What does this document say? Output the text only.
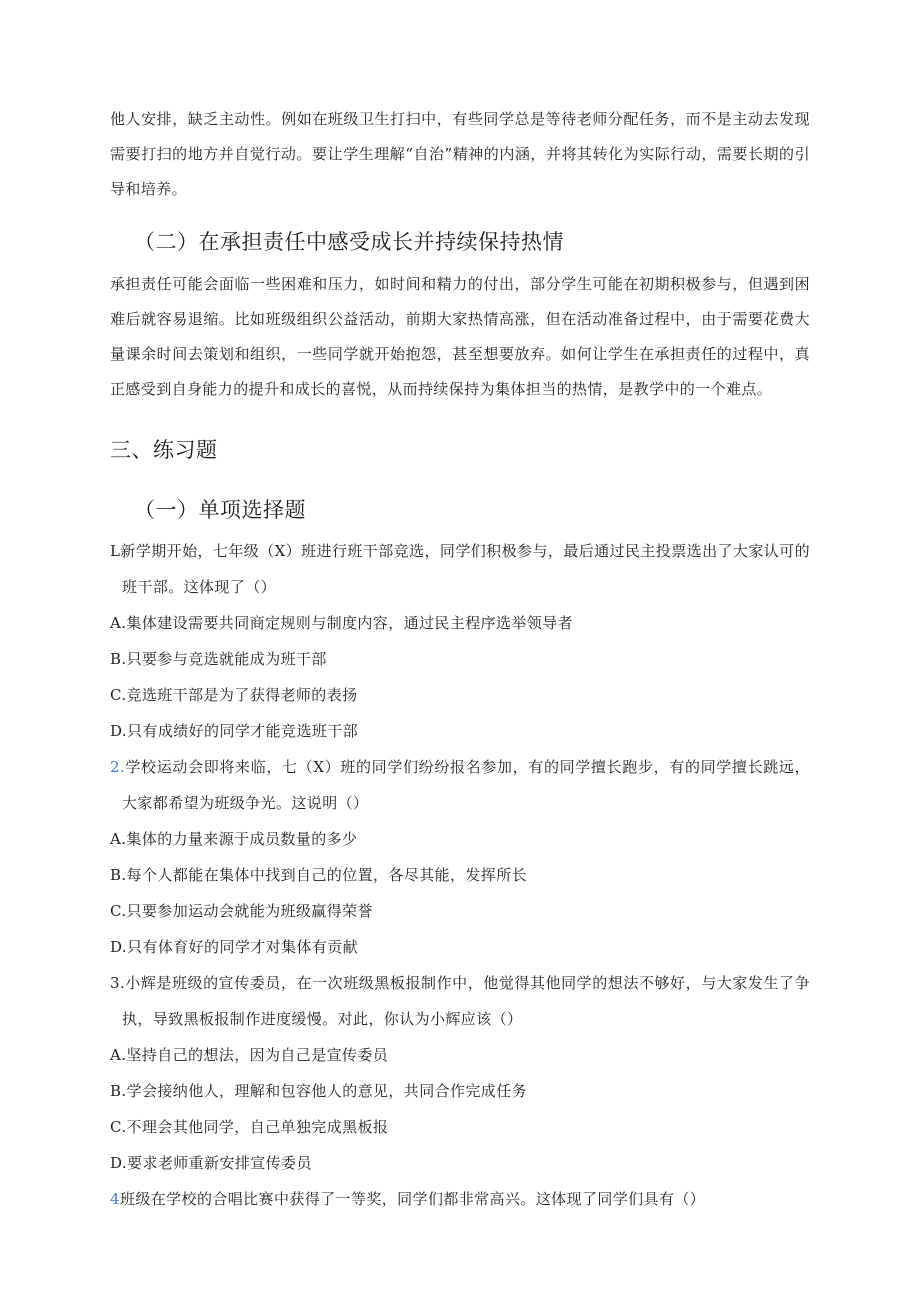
他人安排，缺乏主动性。例如在班级卫生打扫中，有些同学总是等待老师分配任务，而不是主动去发现需要打扫的地方并自觉行动。要让学生理解“自治”精神的内涵，并将其转化为实际行动，需要长期的引导和培养。

（二）在承担责任中感受成长并持续保持热情

承担责任可能会面临一些困难和压力，如时间和精力的付出，部分学生可能在初期积极参与，但遇到困难后就容易退缩。比如班级组织公益活动，前期大家热情高涨，但在活动准备过程中，由于需要花费大量课余时间去策划和组织，一些同学就开始抱怨，甚至想要放弃。如何让学生在承担责任的过程中，真正感受到自身能力的提升和成长的喜悦，从而持续保持为集体担当的热情，是教学中的一个难点。

三、练习题
（一）单项选择题

L新学期开始，七年级（X）班进行班干部竞选，同学们积极参与，最后通过民主投票选出了大家认可的班干部。这体现了（）

A.集体建设需要共同商定规则与制度内容，通过民主程序选举领导者

B.只要参与竞选就能成为班干部

C.竞选班干部是为了获得老师的表扬

D.只有成绩好的同学才能竞选班干部

2.学校运动会即将来临，七（X）班的同学们纷纷报名参加，有的同学擅长跑步，有的同学擅长跳远，大家都希望为班级争光。这说明（）

A.集体的力量来源于成员数量的多少

B.每个人都能在集体中找到自己的位置，各尽其能，发挥所长

C.只要参加运动会就能为班级赢得荣誉

D.只有体育好的同学才对集体有贡献

3.小辉是班级的宣传委员，在一次班级黑板报制作中，他觉得其他同学的想法不够好，与大家发生了争执，导致黑板报制作进度缓慢。对此，你认为小辉应该（）

A.坚持自己的想法，因为自己是宣传委员

B.学会接纳他人，理解和包容他人的意见，共同合作完成任务

C.不理会其他同学，自己单独完成黑板报

D.要求老师重新安排宣传委员

4班级在学校的合唱比赛中获得了一等奖，同学们都非常高兴。这体现了同学们具有（）
